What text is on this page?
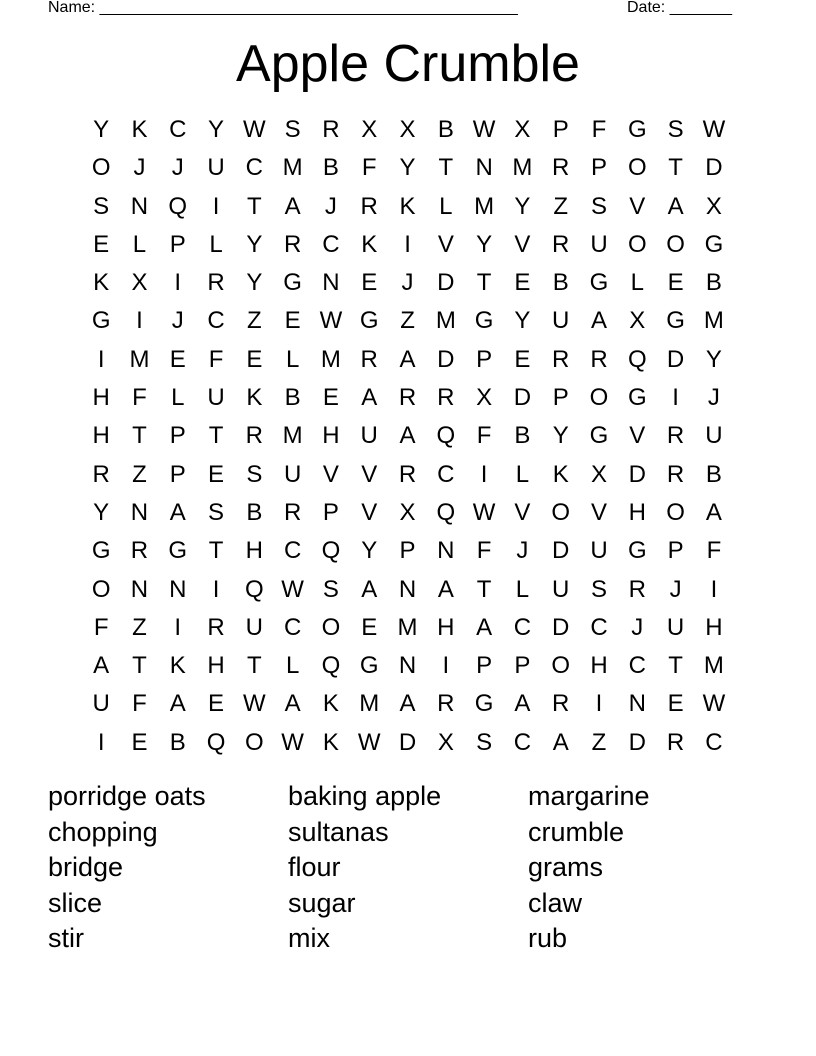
Name: _______________________________________________	Date: _______
Apple Crumble
Y K C Y W S R X X B W X P F G S W
O J	J U C M B F Y T N M R P O T D
S N Q	I	T A	J R K L M Y Z S V A X
E L P L Y R C K	I	V Y V R U O O G
K X	I	R Y G N E	J D T E B G L E B
G	I	J C Z E W G Z M G Y U A X G M
I	M E F E L M R A D P E R R Q D Y
H F	L U K B E A R R X D P O G	I	J
H T P T R M H U A Q F B Y G V R U
R Z P E S U V V R C	I	L K X D R B
Y N A S B R P V X Q W V O V H O A
G R G T H C Q Y P N F	J D U G P F
O N N	I	Q W S A N A T	L U S R J	I
F Z	I	R U C O E M H A C D C J U H
A T K H T	L Q G N	I	P P O H C T M
U F A E W A K M A R G A R	I	N E W
I	E B Q O W K W D X S C A Z D R C
porridge oats	baking apple	margarine
chopping	sultanas	crumble
bridge	flour	grams
slice	sugar	claw
stir	mix	rub
